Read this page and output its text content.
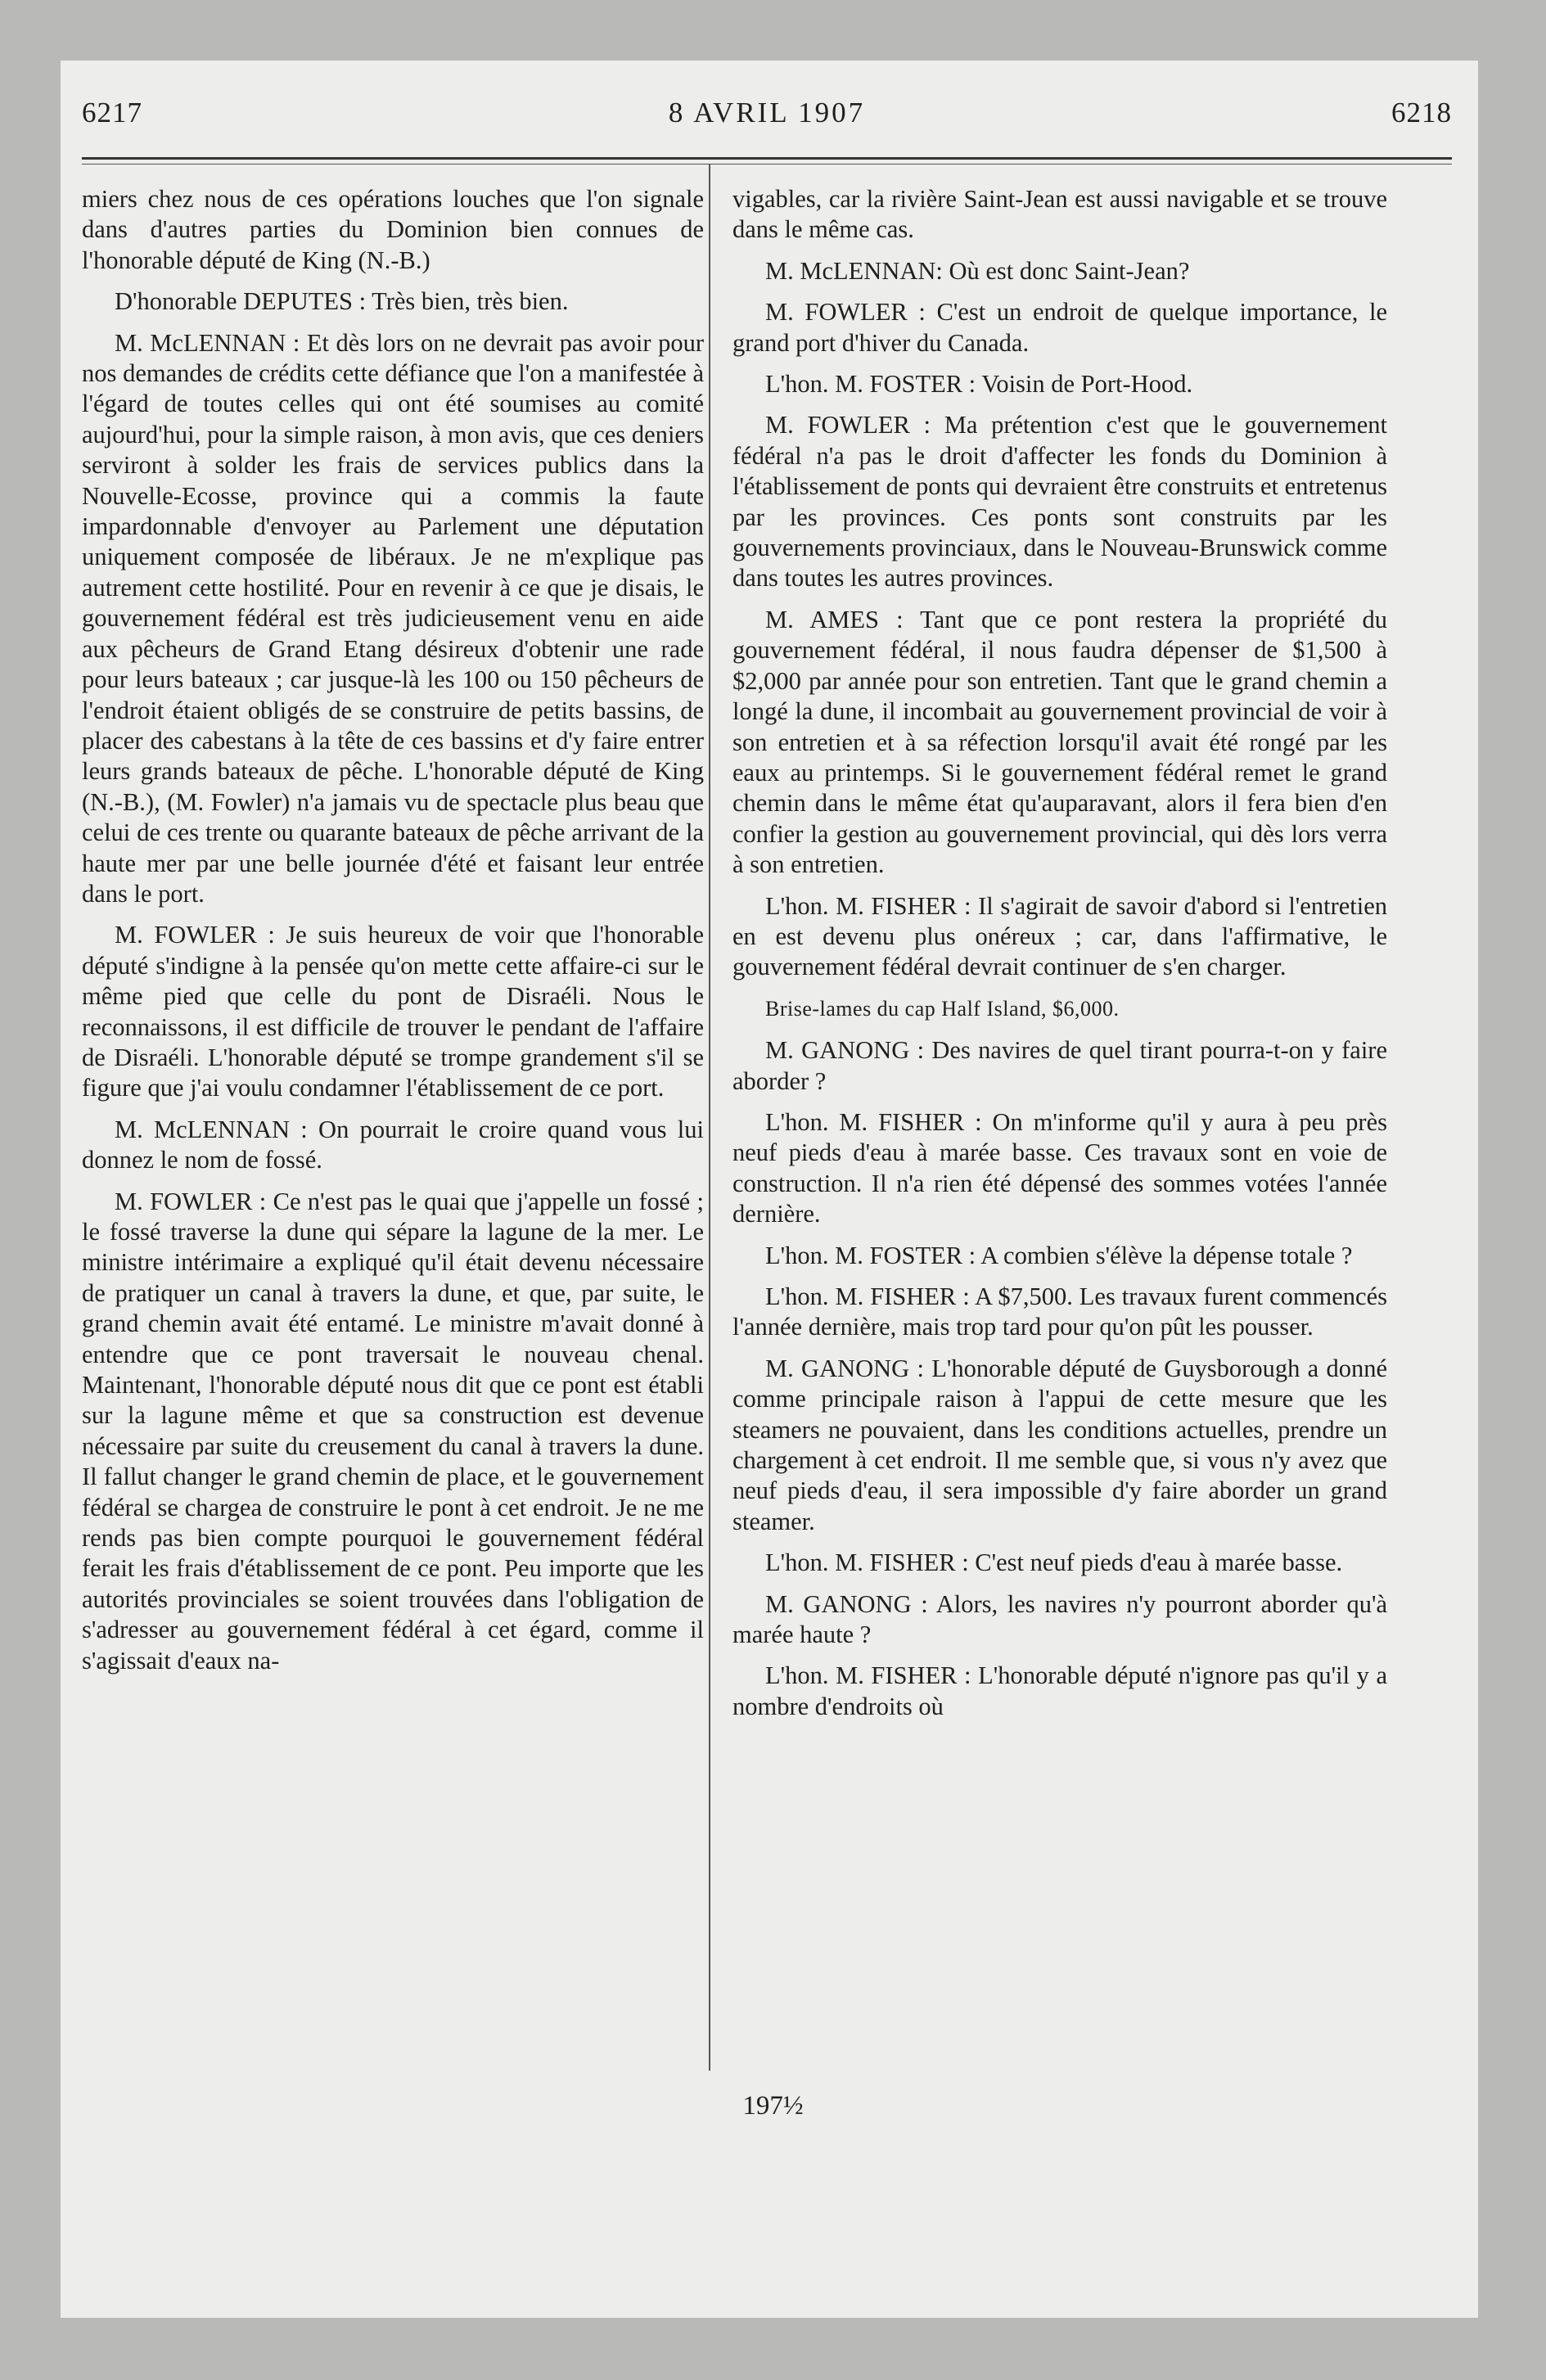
8 AVRIL 1907
6217	6218

miers chez nous de ces opérations louches que l'on signale dans d'autres parties du Dominion bien connues de l'honorable député de King (N.-B.)

D'honorable DEPUTES : Très bien, très bien.

M. McLENNAN : Et dès lors on ne devrait pas avoir pour nos demandes de crédits cette défiance que l'on a manifestée à l'égard de toutes celles qui ont été soumises au comité aujourd'hui, pour la simple raison, à mon avis, que ces deniers serviront à solder les frais de services publics dans la Nouvelle-Ecosse, province qui a commis la faute impardonnable d'envoyer au Parlement une députation uniquement composée de libéraux. Je ne m'explique pas autrement cette hostilité. Pour en revenir à ce que je disais, le gouvernement fédéral est très judicieusement venu en aide aux pêcheurs de Grand Etang désireux d'obtenir une rade pour leurs bateaux ; car jusque-là les 100 ou 150 pêcheurs de l'endroit étaient obligés de se construire de petits bassins, de placer des cabestans à la tête de ces bassins et d'y faire entrer leurs grands bateaux de pêche. L'honorable député de King (N.-B.), (M. Fowler) n'a jamais vu de spectacle plus beau que celui de ces trente ou quarante bateaux de pêche arrivant de la haute mer par une belle journée d'été et faisant leur entrée dans le port.

M. FOWLER : Je suis heureux de voir que l'honorable député s'indigne à la pensée qu'on mette cette affaire-ci sur le même pied que celle du pont de Disraéli. Nous le reconnaissons, il est difficile de trouver le pendant de l'affaire de Disraéli. L'honorable député se trompe grandement s'il se figure que j'ai voulu condamner l'établissement de ce port.

M. McLENNAN : On pourrait le croire quand vous lui donnez le nom de fossé.

M. FOWLER : Ce n'est pas le quai que j'appelle un fossé ; le fossé traverse la dune qui sépare la lagune de la mer. Le ministre intérimaire a expliqué qu'il était devenu nécessaire de pratiquer un canal à travers la dune, et que, par suite, le grand chemin avait été entamé. Le ministre m'avait donné à entendre que ce pont traversait le nouveau chenal. Maintenant, l'honorable député nous dit que ce pont est établi sur la lagune même et que sa construction est devenue nécessaire par suite du creusement du canal à travers la dune. Il fallut changer le grand chemin de place, et le gouvernement fédéral se chargea de construire le pont à cet endroit. Je ne me rends pas bien compte pourquoi le gouvernement fédéral ferait les frais d'établissement de ce pont. Peu importe que les autorités provinciales se soient trouvées dans l'obligation de s'adresser au gouvernement fédéral à cet égard, comme il s'agissait d'eaux na-

vigables, car la rivière Saint-Jean est aussi navigable et se trouve dans le même cas.

M. McLENNAN: Où est donc Saint-Jean?

M. FOWLER : C'est un endroit de quelque importance, le grand port d'hiver du Canada.

L'hon. M. FOSTER : Voisin de Port-Hood.

M. FOWLER : Ma prétention c'est que le gouvernement fédéral n'a pas le droit d'affecter les fonds du Dominion à l'établissement de ponts qui devraient être construits et entretenus par les provinces. Ces ponts sont construits par les gouvernements provinciaux, dans le Nouveau-Brunswick comme dans toutes les autres provinces.

M. AMES : Tant que ce pont restera la propriété du gouvernement fédéral, il nous faudra dépenser de $1,500 à $2,000 par année pour son entretien. Tant que le grand chemin a longé la dune, il incombait au gouvernement provincial de voir à son entretien et à sa réfection lorsqu'il avait été rongé par les eaux au printemps. Si le gouvernement fédéral remet le grand chemin dans le même état qu'auparavant, alors il fera bien d'en confier la gestion au gouvernement provincial, qui dès lors verra à son entretien.

L'hon. M. FISHER : Il s'agirait de savoir d'abord si l'entretien en est devenu plus onéreux ; car, dans l'affirmative, le gouvernement fédéral devrait continuer de s'en charger.

Brise-lames du cap Half Island, $6,000.

M. GANONG : Des navires de quel tirant pourra-t-on y faire aborder ?

L'hon. M. FISHER : On m'informe qu'il y aura à peu près neuf pieds d'eau à marée basse. Ces travaux sont en voie de construction. Il n'a rien été dépensé des sommes votées l'année dernière.

L'hon. M. FOSTER : A combien s'élève la dépense totale ?

L'hon. M. FISHER : A $7,500. Les travaux furent commencés l'année dernière, mais trop tard pour qu'on pût les pousser.

M. GANONG : L'honorable député de Guysborough a donné comme principale raison à l'appui de cette mesure que les steamers ne pouvaient, dans les conditions actuelles, prendre un chargement à cet endroit. Il me semble que, si vous n'y avez que neuf pieds d'eau, il sera impossible d'y faire aborder un grand steamer.

L'hon. M. FISHER : C'est neuf pieds d'eau à marée basse.

M. GANONG : Alors, les navires n'y pourront aborder qu'à marée haute ?

L'hon. M. FISHER : L'honorable député n'ignore pas qu'il y a nombre d'endroits où

197½
